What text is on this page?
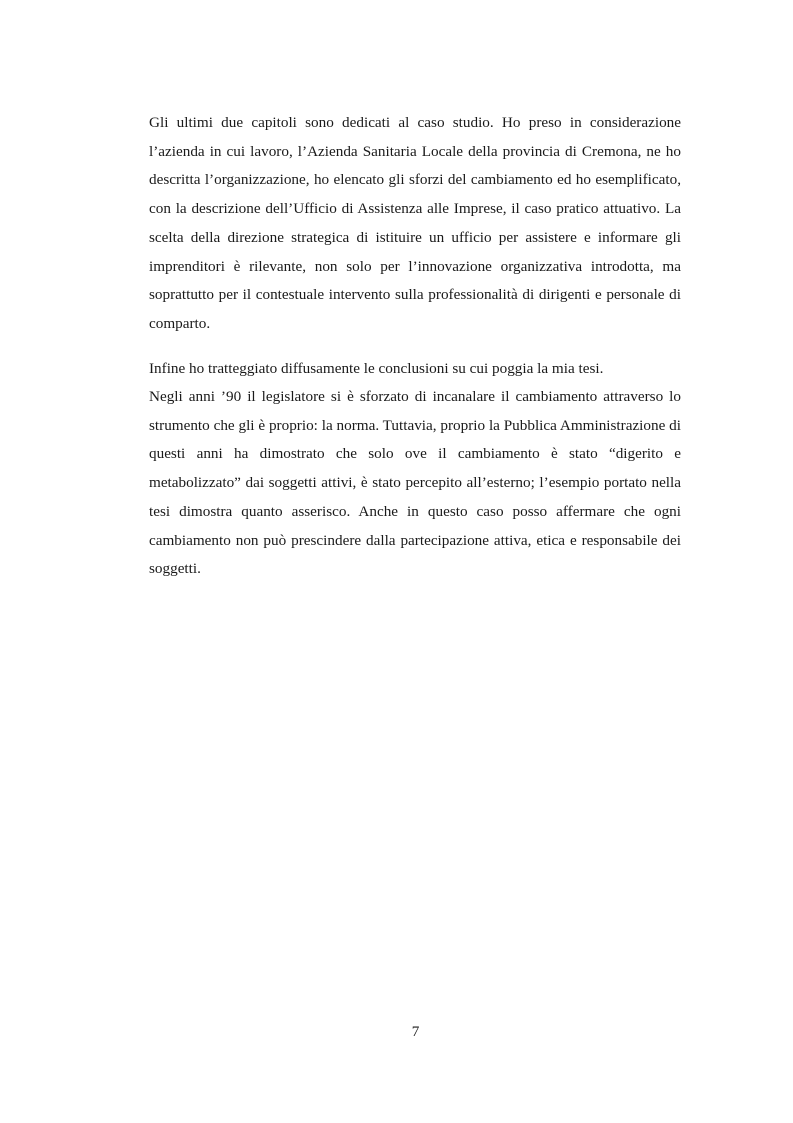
Gli ultimi due capitoli sono dedicati al caso studio. Ho preso in considerazione l’azienda in cui lavoro, l’Azienda Sanitaria Locale della provincia di Cremona, ne ho descritta l’organizzazione, ho elencato gli sforzi del cambiamento ed ho esemplificato, con la descrizione dell’Ufficio di Assistenza alle Imprese, il caso pratico attuativo. La scelta della direzione strategica di istituire un ufficio per assistere e informare gli imprenditori è rilevante, non solo per l’innovazione organizzativa introdotta, ma soprattutto per il contestuale intervento sulla professionalità di dirigenti e personale di comparto.

Infine ho tratteggiato diffusamente le conclusioni su cui poggia la mia tesi.

Negli anni ’90 il legislatore si è sforzato di incanalare il cambiamento attraverso lo strumento che gli è proprio: la norma. Tuttavia, proprio la Pubblica Amministrazione di questi anni ha dimostrato che solo ove il cambiamento è stato “digerito e metabolizzato” dai soggetti attivi, è stato percepito all’esterno; l’esempio portato nella tesi dimostra quanto asserisco. Anche in questo caso posso affermare che ogni cambiamento non può prescindere dalla partecipazione attiva, etica e responsabile dei soggetti.

7
